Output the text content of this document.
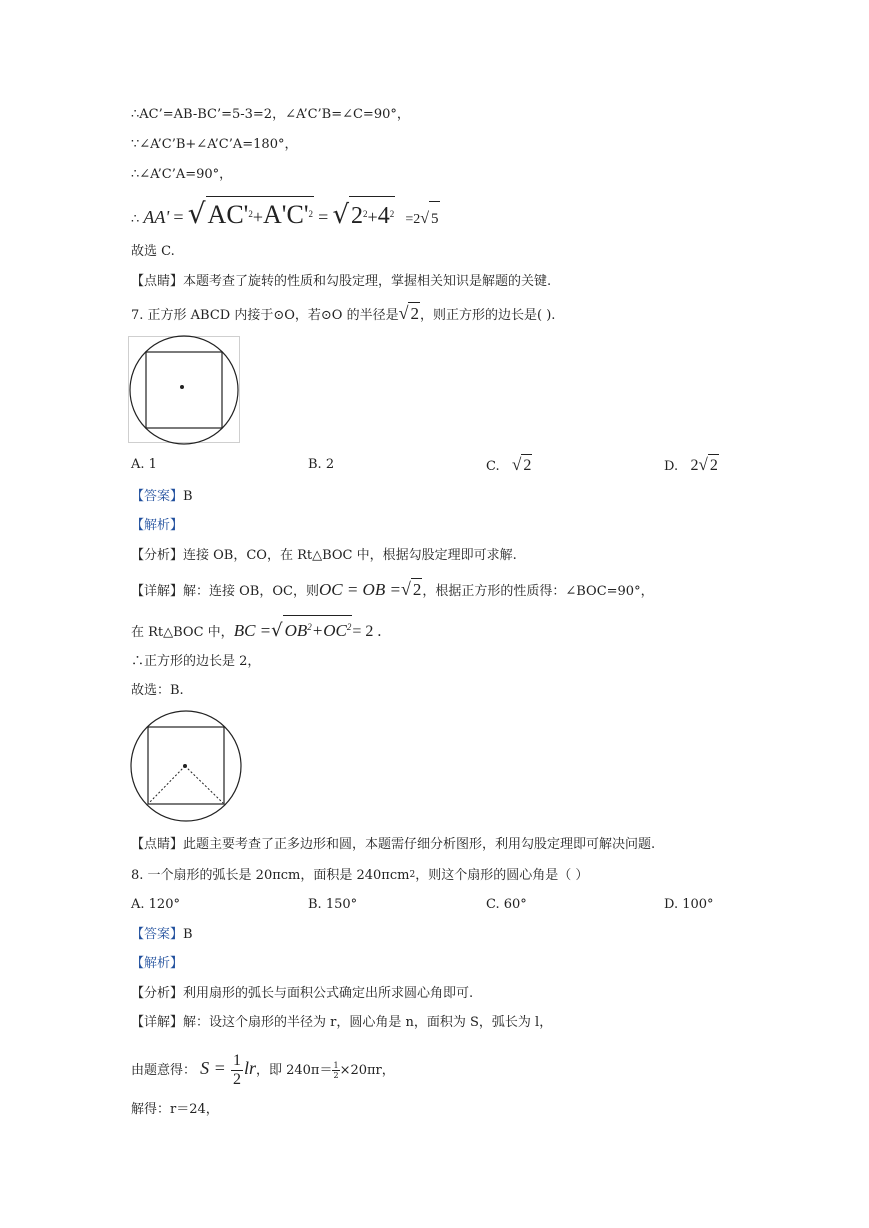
∴AC’=AB-BC’=5-3=2，∠A’C’B=∠C=90°，
∵∠A’C’B+∠A’C’A=180°，
∴∠A’C’A=90°，
∴ $AA' = √AC'^2+A'C'^2 = √2^2+4^2 =2√$ 5
故选 C.
【点睛】本题考查了旋转的性质和勾股定理，掌握相关知识是解题的关键.
7. 正方形 ABCD 内接于⊙O，若⊙O 的半径是√ 2，则正方形的边长是( ).
A. 1	B. 2	C. √ 2	D. 2√ 2
【答案】B
【解析】
【分析】连接 OB，CO，在 Rt△BOC 中，根据勾股定理即可求解.
【详解】解：连接 OB，OC，则OC = OB =√ 2，根据正方形的性质得：∠BOC=90°，
在 Rt△BOC 中，BC =√ $OB^2+OC^2= 2$ .
∴正方形的边长是 2，
故选：B.
【点睛】此题主要考查了正多边形和圆，本题需仔细分析图形，利用勾股定理即可解决问题.
8. 一个扇形的弧长是 20πcm，面积是 240πcm$^2$，则这个扇形的圆心角是（ ）
A. 120°	B. 150°	C. 60°	D. 100°
【答案】B
【解析】
【分析】利用扇形的弧长与面积公式确定出所求圆心角即可.
【详解】解：设这个扇形的半径为 r，圆心角是 n，面积为 S，弧长为 l，
由题意得： $S = \frac{1}{2}$ lr，即 $240\pi= \frac{1}{2} \times 20\pi r$，
解得：r＝24，
